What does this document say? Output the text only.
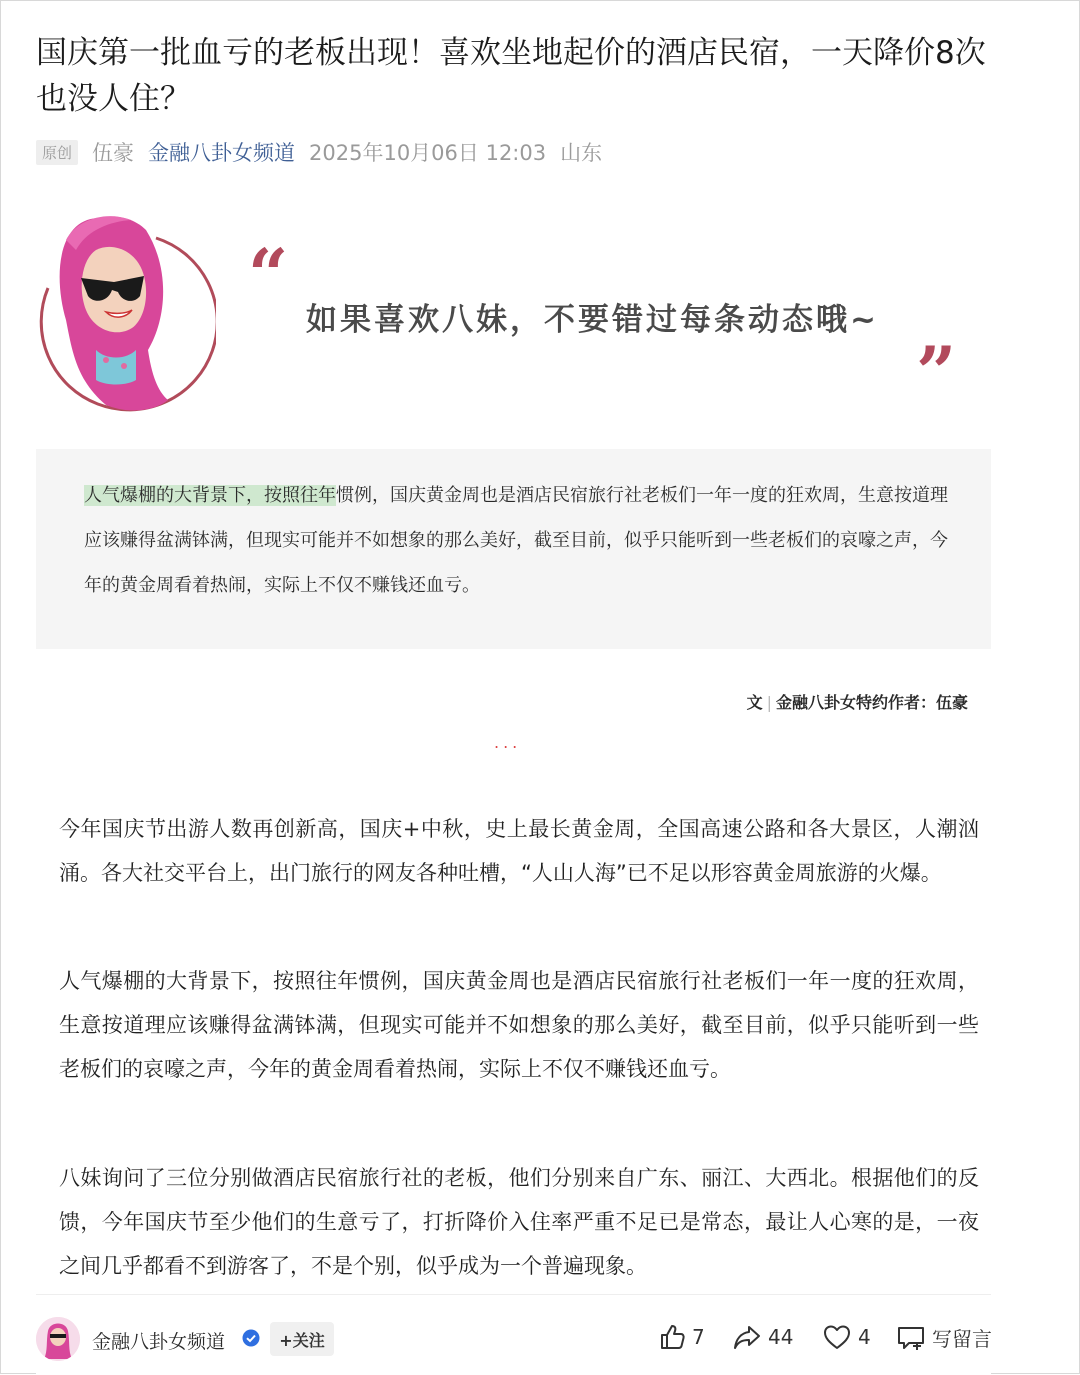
国庆第一批血亏的老板出现！喜欢坐地起价的酒店民宿，一天降价8次也没人住？
原创 伍豪 金融八卦女频道 2025年10月06日 12:03 山东
“
如果喜欢八妹，不要错过每条动态哦~
”
人气爆棚的大背景下，按照往年惯例，国庆黄金周也是酒店民宿旅行社老板们一年一度的狂欢周，生意按道理应该赚得盆满钵满，但现实可能并不如想象的那么美好，截至目前，似乎只能听到一些老板们的哀嚎之声，今年的黄金周看着热闹，实际上不仅不赚钱还血亏。
文 | 金融八卦女特约作者：伍豪
...

今年国庆节出游人数再创新高，国庆+中秋，史上最长黄金周，全国高速公路和各大景区，人潮汹涌。各大社交平台上，出门旅行的网友各种吐槽，“人山人海”已不足以形容黄金周旅游的火爆。

人气爆棚的大背景下，按照往年惯例，国庆黄金周也是酒店民宿旅行社老板们一年一度的狂欢周，生意按道理应该赚得盆满钵满，但现实可能并不如想象的那么美好，截至目前，似乎只能听到一些老板们的哀嚎之声，今年的黄金周看着热闹，实际上不仅不赚钱还血亏。

八妹询问了三位分别做酒店民宿旅行社的老板，他们分别来自广东、丽江、大西北。根据他们的反馈，今年国庆节至少他们的生意亏了，打折降价入住率严重不足已是常态，最让人心寒的是，一夜之间几乎都看不到游客了，不是个别，似乎成为一个普遍现象。

金融八卦女频道	+关注	7	44	4	写留言
